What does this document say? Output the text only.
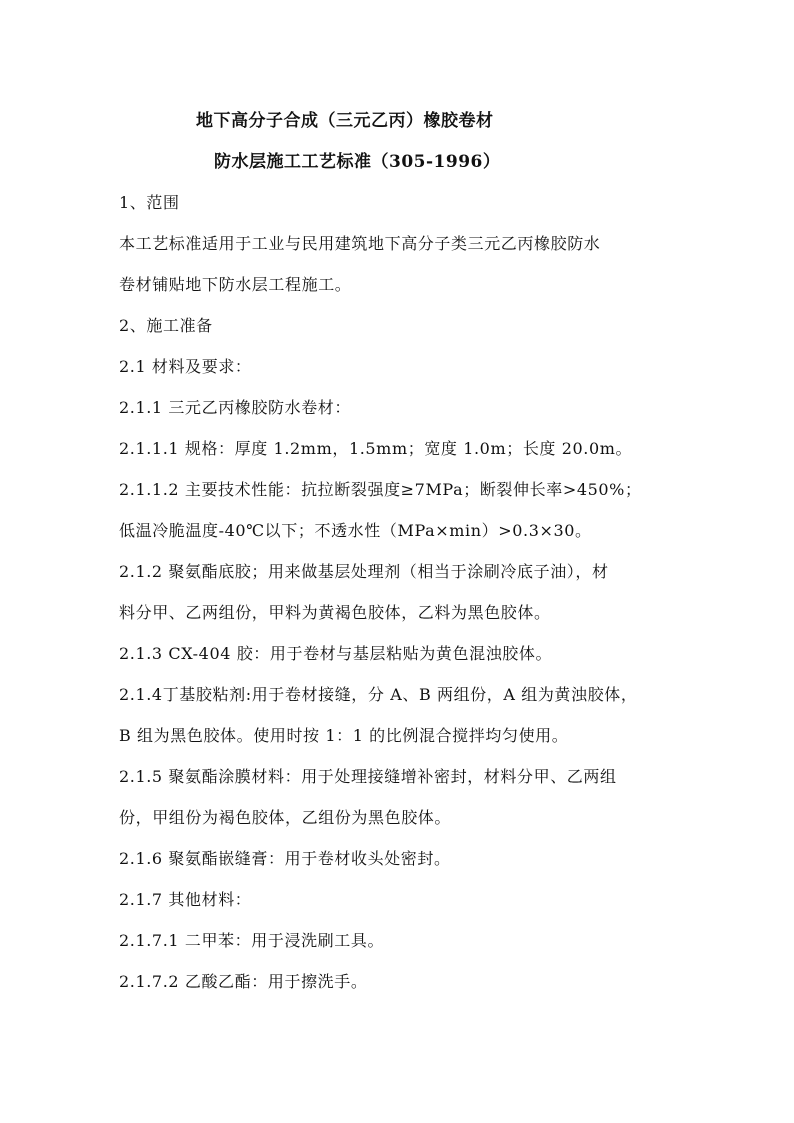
地下高分子合成（三元乙丙）橡胶卷材
防水层施工工艺标准（305-1996）
1、范围
本工艺标准适用于工业与民用建筑地下高分子类三元乙丙橡胶防水
卷材铺贴地下防水层工程施工。
2、施工准备
2.1 材料及要求：
2.1.1 三元乙丙橡胶防水卷材：
2.1.1.1 规格：厚度 1.2mm，1.5mm；宽度 1.0m；长度 20.0m。
2.1.1.2 主要技术性能：抗拉断裂强度≥7MPa；断裂伸长率>450%；
低温冷脆温度-40℃以下；不透水性（MPa×min）>0.3×30。
2.1.2 聚氨酯底胶；用来做基层处理剂（相当于涂刷冷底子油），材
料分甲、乙两组份，甲料为黄褐色胶体，乙料为黑色胶体。
2.1.3 CX-404 胶：用于卷材与基层粘贴为黄色混浊胶体。
2.1.4丁基胶粘剂:用于卷材接缝，分 A、B 两组份，A 组为黄浊胶体，
B 组为黑色胶体。使用时按 1：1 的比例混合搅拌均匀使用。
2.1.5 聚氨酯涂膜材料：用于处理接缝增补密封，材料分甲、乙两组
份，甲组份为褐色胶体，乙组份为黑色胶体。
2.1.6 聚氨酯嵌缝膏：用于卷材收头处密封。
2.1.7 其他材料：
2.1.7.1 二甲苯：用于浸洗刷工具。
2.1.7.2 乙酸乙酯：用于擦洗手。
